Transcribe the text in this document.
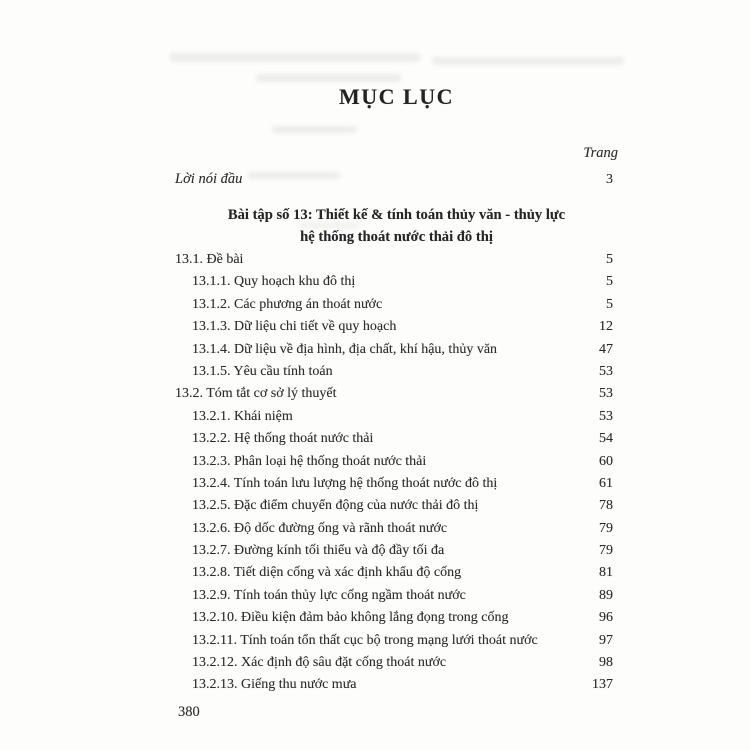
MỤC LỤC
Trang
Lời nói đầu	3
Bài tập số 13: Thiết kế & tính toán thủy văn - thủy lực
hệ thống thoát nước thải đô thị
13.1. Đề bài	5
13.1.1. Quy hoạch khu đô thị	5
13.1.2. Các phương án thoát nước	5
13.1.3. Dữ liệu chi tiết về quy hoạch	12
13.1.4. Dữ liệu về địa hình, địa chất, khí hậu, thủy văn	47
13.1.5. Yêu cầu tính toán	53
13.2. Tóm tắt cơ sở lý thuyết	53
13.2.1. Khái niệm	53
13.2.2. Hệ thống thoát nước thải	54
13.2.3. Phân loại hệ thống thoát nước thải	60
13.2.4. Tính toán lưu lượng hệ thống thoát nước đô thị	61
13.2.5. Đặc điểm chuyển động của nước thải đô thị	78
13.2.6. Độ dốc đường ống và rãnh thoát nước	79
13.2.7. Đường kính tối thiểu và độ đầy tối đa	79
13.2.8. Tiết diện cống và xác định khẩu độ cống	81
13.2.9. Tính toán thủy lực cống ngầm thoát nước	89
13.2.10. Điều kiện đảm bảo không lắng đọng trong cống	96
13.2.11. Tính toán tổn thất cục bộ trong mạng lưới thoát nước	97
13.2.12. Xác định độ sâu đặt cống thoát nước	98
13.2.13. Giếng thu nước mưa	137
380
